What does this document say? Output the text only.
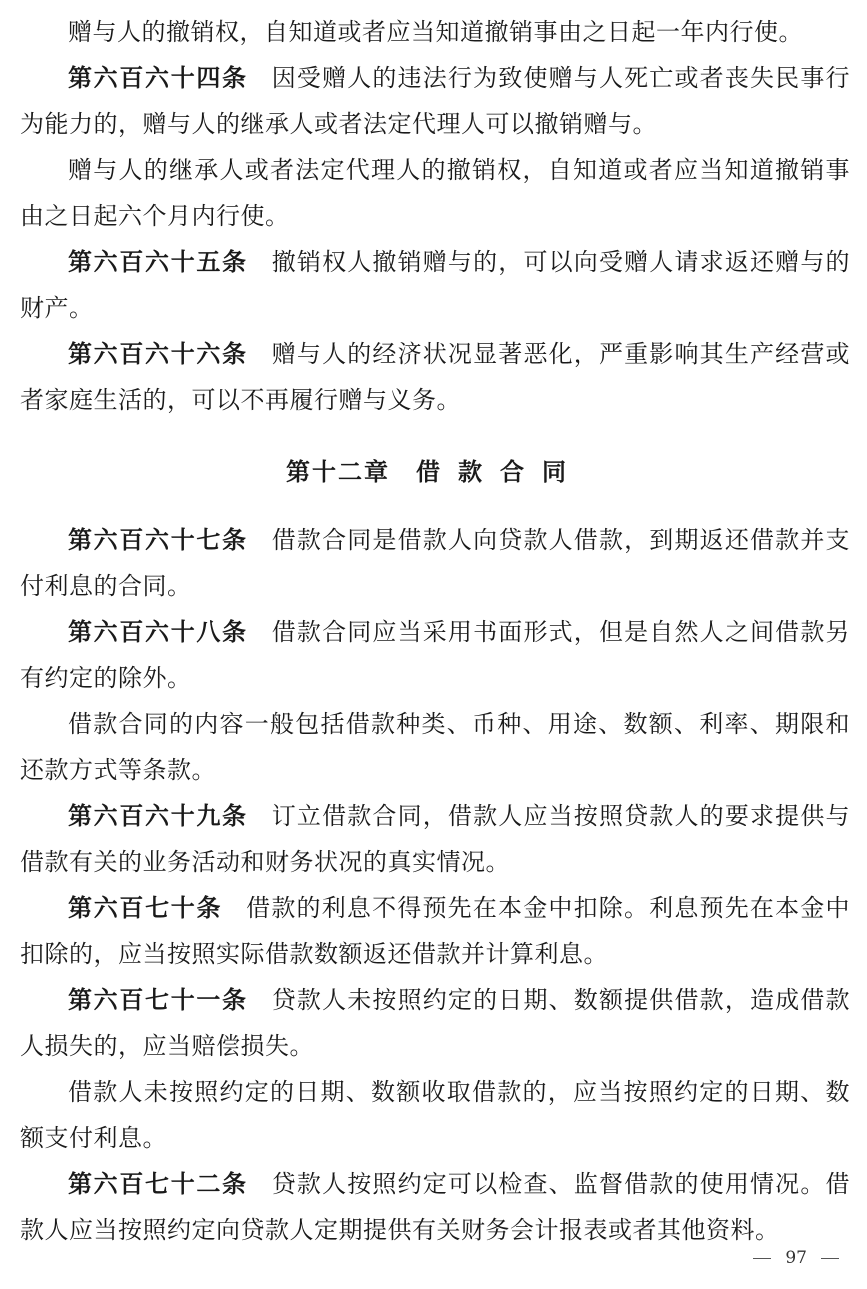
赠与人的撤销权，自知道或者应当知道撤销事由之日起一年内行使。

第六百六十四条 因受赠人的违法行为致使赠与人死亡或者丧失民事行为能力的，赠与人的继承人或者法定代理人可以撤销赠与。

赠与人的继承人或者法定代理人的撤销权，自知道或者应当知道撤销事由之日起六个月内行使。

第六百六十五条 撤销权人撤销赠与的，可以向受赠人请求返还赠与的财产。

第六百六十六条 赠与人的经济状况显著恶化，严重影响其生产经营或者家庭生活的，可以不再履行赠与义务。

第十二章 借款合同

第六百六十七条 借款合同是借款人向贷款人借款，到期返还借款并支付利息的合同。

第六百六十八条 借款合同应当采用书面形式，但是自然人之间借款另有约定的除外。

借款合同的内容一般包括借款种类、币种、用途、数额、利率、期限和还款方式等条款。

第六百六十九条 订立借款合同，借款人应当按照贷款人的要求提供与借款有关的业务活动和财务状况的真实情况。

第六百七十条 借款的利息不得预先在本金中扣除。利息预先在本金中扣除的，应当按照实际借款数额返还借款并计算利息。

第六百七十一条 贷款人未按照约定的日期、数额提供借款，造成借款人损失的，应当赔偿损失。

借款人未按照约定的日期、数额收取借款的，应当按照约定的日期、数额支付利息。

第六百七十二条 贷款人按照约定可以检查、监督借款的使用情况。借款人应当按照约定向贷款人定期提供有关财务会计报表或者其他资料。

97
